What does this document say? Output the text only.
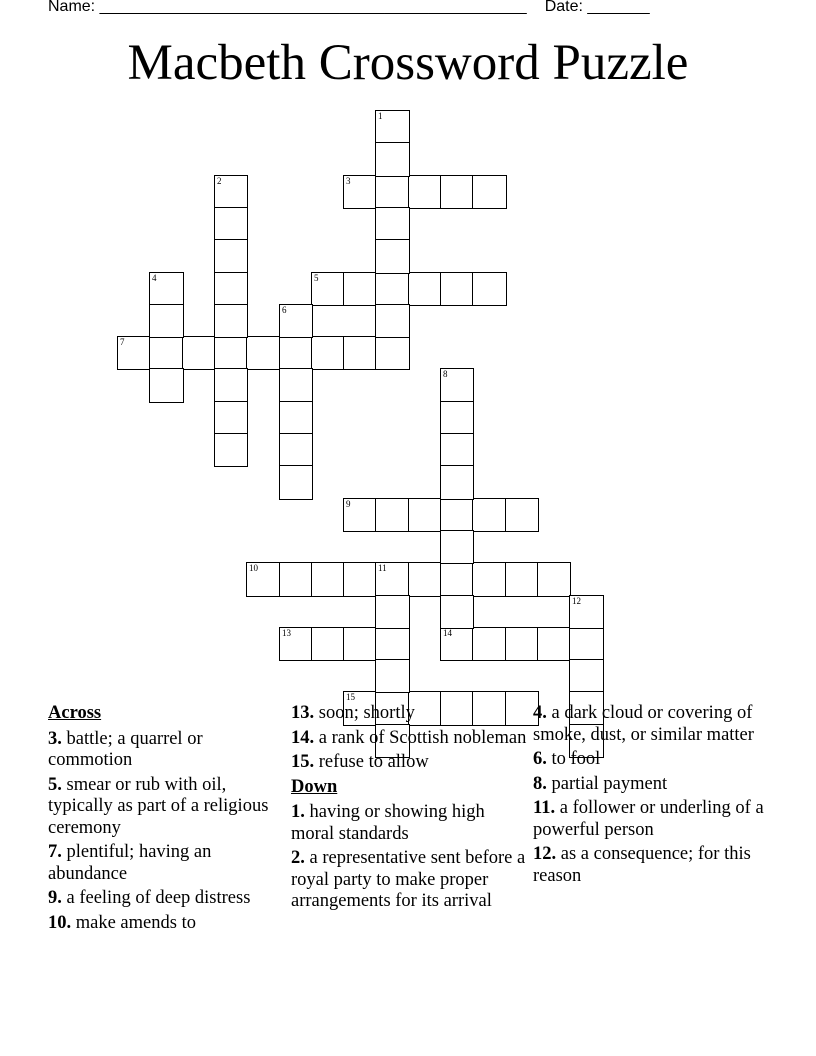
Name: ________________________________________________ Date: _______
Macbeth Crossword Puzzle
3
5
7
9
10	11
13	14
15
1
2
4
6
8
12
Across
3. battle; a quarrel or commotion
5. smear or rub with oil, typically as part of a religious ceremony
7. plentiful; having an abundance
9. a feeling of deep distress
10. make amends to
13. soon; shortly
14. a rank of Scottish nobleman
15. refuse to allow
Down
1. having or showing high moral standards
2. a representative sent before a royal party to make proper arrangements for its arrival
4. a dark cloud or covering of smoke, dust, or similar matter
6. to fool
8. partial payment
11. a follower or underling of a powerful person
12. as a consequence; for this reason
